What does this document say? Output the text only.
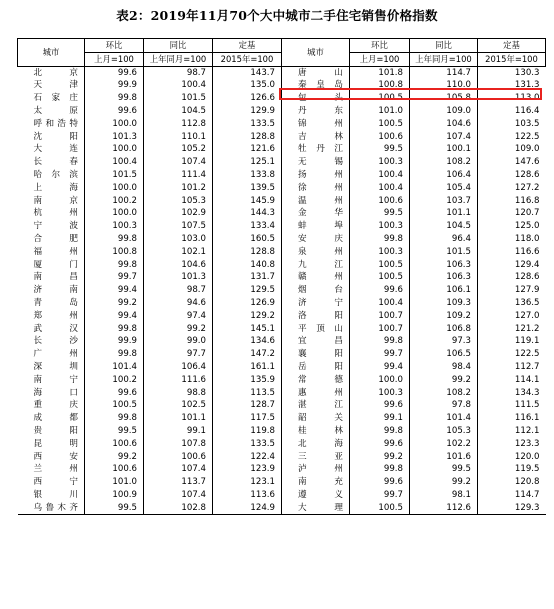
表2：2019年11月70个大中城市二手住宅销售价格指数
城市	环比	同比	定基	城市	环比	同比	定基
	上月=100	上年同月=100	2015年=100		上月=100	上年同月=100	2015年=100
北　京	99.6	98.7	143.7	唐　山	101.8	114.7	130.3
天　津	99.9	100.4	135.0	秦皇岛	100.8	110.0	131.3
石家庄	99.8	101.5	126.6	包　头	100.5	105.8	113.0
太　原	99.6	104.5	129.9	丹　东	101.0	109.0	116.4
呼和浩特	100.0	112.8	133.5	锦　州	100.5	104.6	103.5
沈　阳	101.3	110.1	128.8	吉　林	100.6	107.4	122.5
大　连	100.0	105.2	121.6	牡丹江	99.5	100.1	109.0
长　春	100.4	107.4	125.1	无　锡	100.3	108.2	147.6
哈尔滨	101.5	111.4	133.8	扬　州	100.4	106.4	128.6
上　海	100.0	101.2	139.5	徐　州	100.4	105.4	127.2
南　京	100.2	105.3	145.9	温　州	100.6	103.7	116.8
杭　州	100.0	102.9	144.3	金　华	99.5	101.1	120.7
宁　波	100.3	107.5	133.4	蚌　埠	100.3	104.5	125.0
合　肥	99.8	103.0	160.5	安　庆	99.8	96.4	118.0
福　州	100.8	102.1	128.8	泉　州	100.3	101.5	116.6
厦　门	99.8	104.6	140.8	九　江	100.5	106.3	129.4
南　昌	99.7	101.3	131.7	赣　州	100.5	106.3	128.6
济　南	99.4	98.7	129.5	烟　台	99.6	106.1	127.9
青　岛	99.2	94.6	126.9	济　宁	100.4	109.3	136.5
郑　州	99.4	97.4	129.2	洛　阳	100.7	109.2	127.0
武　汉	99.8	99.2	145.1	平顶山	100.7	106.8	121.2
长　沙	99.9	99.0	134.6	宜　昌	99.8	97.3	119.1
广　州	99.8	97.7	147.2	襄　阳	99.7	106.5	122.5
深　圳	101.4	106.4	161.1	岳　阳	99.4	98.4	112.7
南　宁	100.2	111.6	135.9	常　德	100.0	99.2	114.1
海　口	99.6	98.8	113.5	惠　州	100.3	108.2	134.3
重　庆	100.5	102.5	128.7	湛　江	99.6	97.8	111.5
成　都	99.8	101.1	117.5	韶　关	99.1	101.4	116.1
贵　阳	99.5	99.1	119.8	桂　林	99.8	105.3	112.1
昆　明	100.6	107.8	133.5	北　海	99.6	102.2	123.3
西　安	99.2	100.6	122.4	三　亚	99.2	101.6	120.0
兰　州	100.6	107.4	123.9	泸　州	99.8	99.5	119.5
西　宁	101.0	113.7	123.1	南　充	99.6	99.2	120.8
银　川	100.9	107.4	113.6	遵　义	99.7	98.1	114.7
乌鲁木齐	99.5	102.8	124.9	大　理	100.5	112.6	129.3
